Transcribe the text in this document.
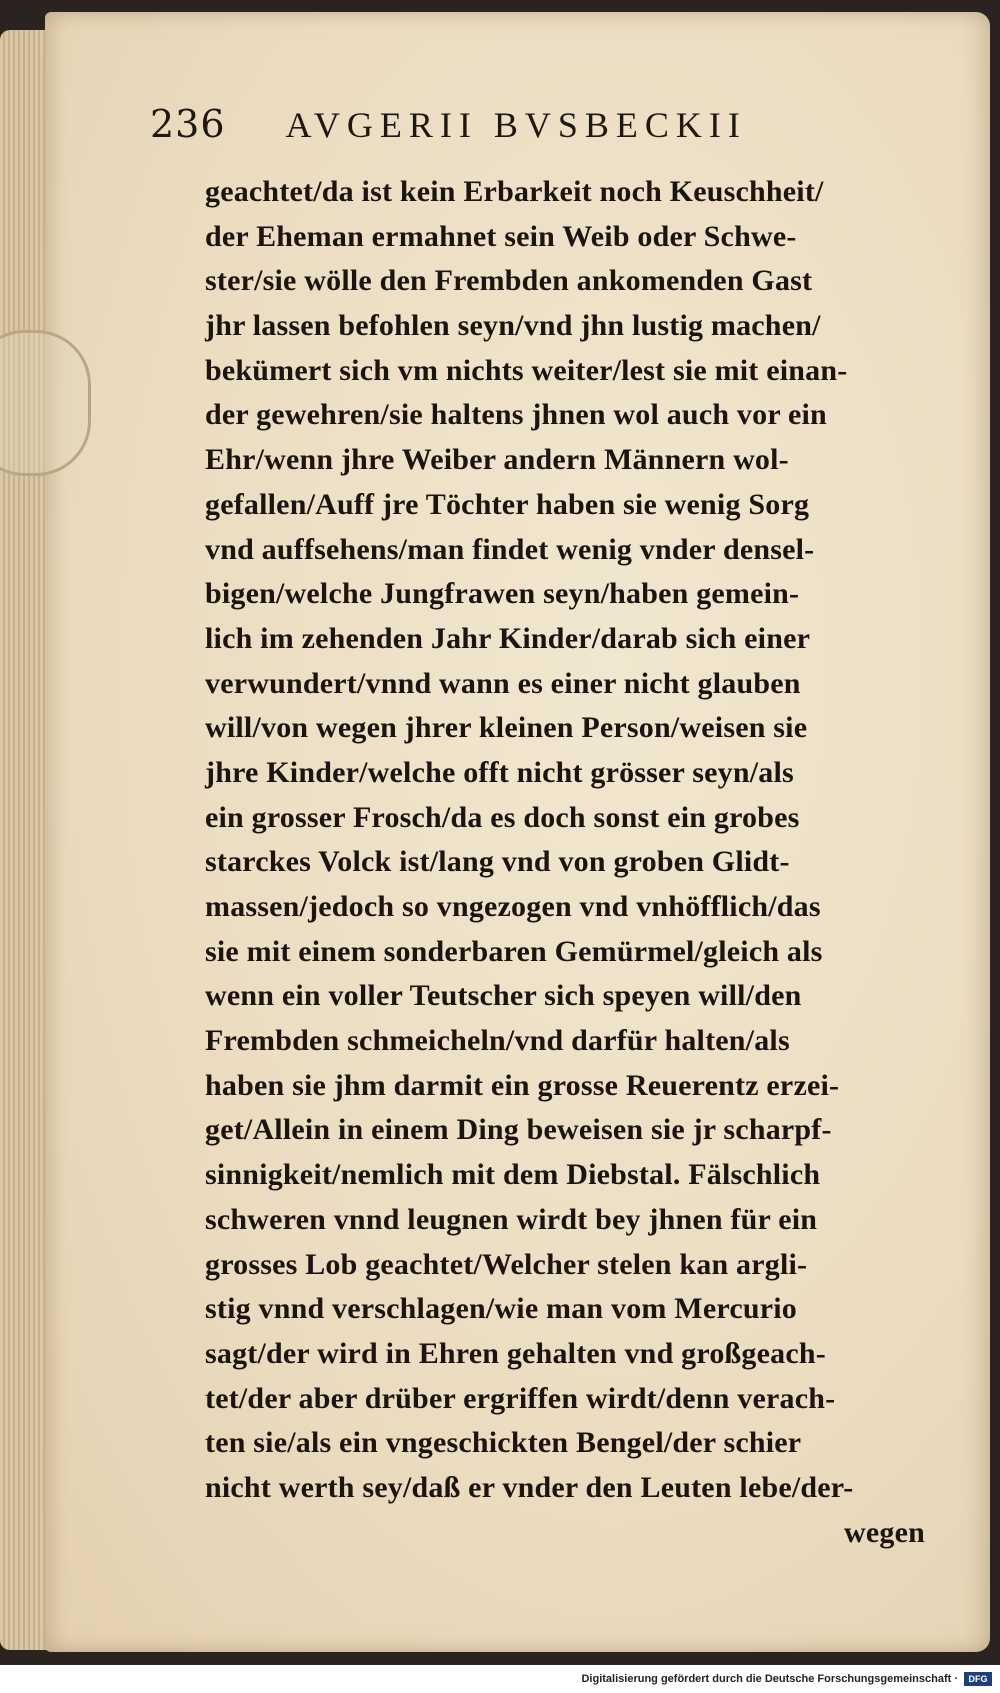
236 AVGERII BVSBECKII
geachtet/da ist kein Erbarkeit noch Keuschheit/
der Eheman ermahnet sein Weib oder Schwe-
ster/sie wölle den Frembden ankomenden Gast
jhr lassen befohlen seyn/vnd jhn lustig machen/
bekümert sich vm nichts weiter/lest sie mit einan-
der gewehren/sie haltens jhnen wol auch vor ein
Ehr/wenn jhre Weiber andern Männern wol-
gefallen/Auff jre Töchter haben sie wenig Sorg
vnd auffsehens/man findet wenig vnder densel-
bigen/welche Jungfrawen seyn/haben gemein-
lich im zehenden Jahr Kinder/darab sich einer
verwundert/vnnd wann es einer nicht glauben
will/von wegen jhrer kleinen Person/weisen sie
jhre Kinder/welche offt nicht grösser seyn/als
ein grosser Frosch/da es doch sonst ein grobes
starckes Volck ist/lang vnd von groben Glidt-
massen/jedoch so vngezogen vnd vnhöfflich/das
sie mit einem sonderbaren Gemürmel/gleich als
wenn ein voller Teutscher sich speyen will/den
Frembden schmeicheln/vnd darfür halten/als
haben sie jhm darmit ein grosse Reuerentz erzei-
get/Allein in einem Ding beweisen sie jr scharpf-
sinnigkeit/nemlich mit dem Diebstal. Fälschlich
schweren vnnd leugnen wirdt bey jhnen für ein
grosses Lob geachtet/Welcher stelen kan argli-
stig vnnd verschlagen/wie man vom Mercurio
sagt/der wird in Ehren gehalten vnd großgeach-
tet/der aber drüber ergriffen wirdt/denn verach-
ten sie/als ein vngeschickten Bengel/der schier
nicht werth sey/daß er vnder den Leuten lebe/der-
wegen
Digitalisierung gefördert durch die Deutsche Forschungsgemeinschaft ·	DFG
